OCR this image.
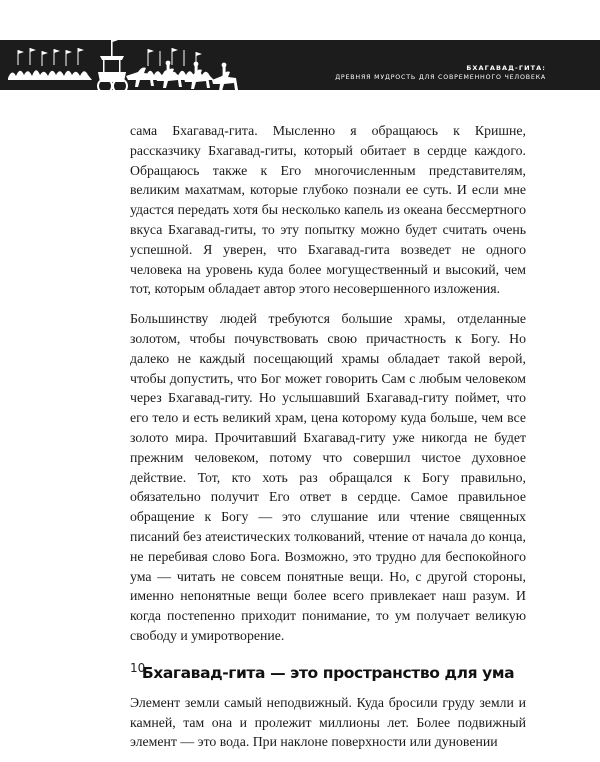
БХАГАВАД-ГИТА:

ДРЕВНЯЯ МУДРОСТЬ ДЛЯ СОВРЕМЕННОГО ЧЕЛОВЕКА

сама Бхагавад-гита. Мысленно я обращаюсь к Кришне, рассказчику Бхагавад-гиты, который обитает в сердце каждого. Обращаюсь также к Его многочисленным представителям, великим махатмам, которые глубоко познали ее суть. И если мне удастся передать хотя бы несколько капель из океана бессмертного вкуса Бхагавад-гиты, то эту попытку можно будет считать очень успешной. Я уверен, что Бхагавад-гита возведет не одного человека на уровень куда более могущественный и высокий, чем тот, которым обладает автор этого несовершенного изложения.

Большинству людей требуются большие храмы, отделанные золотом, чтобы почувствовать свою причастность к Богу. Но далеко не каждый посещающий храмы обладает такой верой, чтобы допустить, что Бог может говорить Сам с любым человеком через Бхагавад-гиту. Но услышавший Бхагавад-гиту поймет, что его тело и есть великий храм, цена которому куда больше, чем все золото мира. Прочитавший Бхагавад-гиту уже никогда не будет прежним человеком, потому что совершил чистое духовное действие. Тот, кто хоть раз обращался к Богу правильно, обязательно получит Его ответ в сердце. Самое правильное обращение к Богу — это слушание или чтение священных писаний без атеистических толкований, чтение от начала до конца, не перебивая слово Бога. Возможно, это трудно для беспокойного ума — читать не совсем понятные вещи. Но, с другой стороны, именно непонятные вещи более всего привлекает наш разум. И когда постепенно приходит понимание, то ум получает великую свободу и умиротворение.

Бхагавад-гита — это пространство для ума

Элемент земли самый неподвижный. Куда бросили груду земли и камней, там она и пролежит миллионы лет. Более подвижный элемент — это вода. При наклоне поверхности или дуновении

10
